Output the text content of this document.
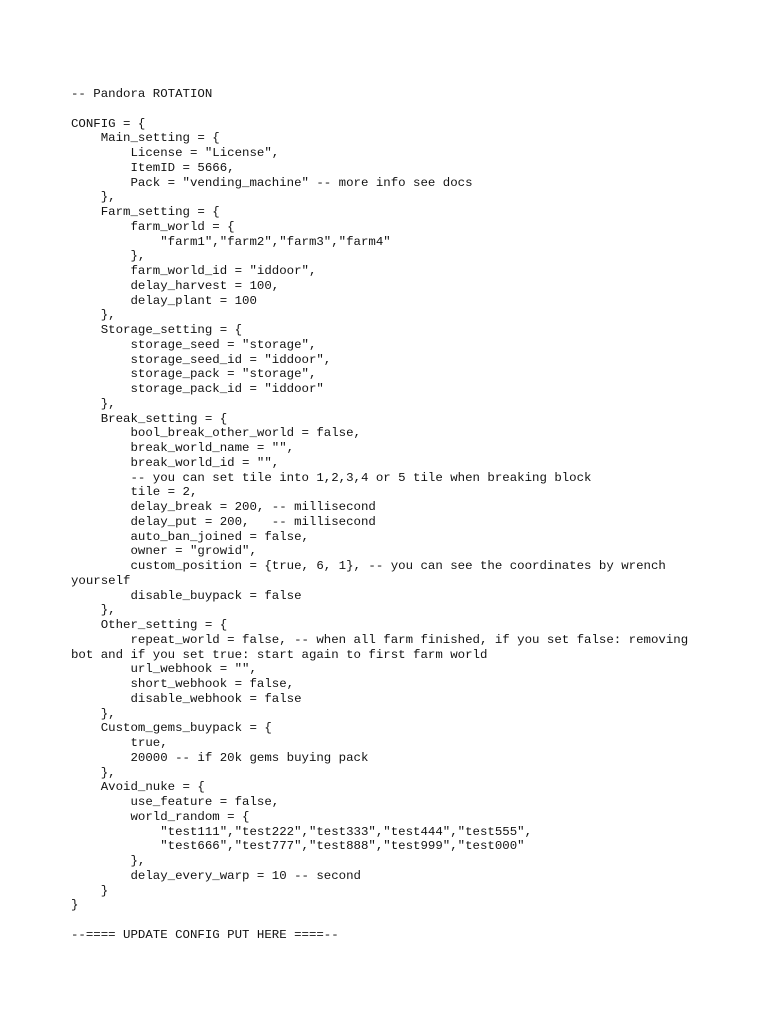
-- Pandora ROTATION
CONFIG = {
Main_setting = {
License = "License",
ItemID = 5666,
Pack = "vending_machine" -- more info see docs
},
Farm_setting = {
farm_world = {
"farm1","farm2","farm3","farm4"
},
farm_world_id = "iddoor",
delay_harvest = 100,
delay_plant = 100
},
Storage_setting = {
storage_seed = "storage",
storage_seed_id = "iddoor",
storage_pack = "storage",
storage_pack_id = "iddoor"
},
Break_setting = {
bool_break_other_world = false,
break_world_name = "",
break_world_id = "",
-- you can set tile into 1,2,3,4 or 5 tile when breaking block
tile = 2,
delay_break = 200, -- millisecond
delay_put = 200,   -- millisecond
auto_ban_joined = false,
owner = "growid",
custom_position = {true, 6, 1}, -- you can see the coordinates by wrench
yourself
disable_buypack = false
},
Other_setting = {
repeat_world = false, -- when all farm finished, if you set false: removing
bot and if you set true: start again to first farm world
url_webhook = "",
short_webhook = false,
disable_webhook = false
},
Custom_gems_buypack = {
true,
20000 -- if 20k gems buying pack
},
Avoid_nuke = {
use_feature = false,
world_random = {
"test111","test222","test333","test444","test555",
"test666","test777","test888","test999","test000"
},
delay_every_warp = 10 -- second
}
}
--==== UPDATE CONFIG PUT HERE ====--
